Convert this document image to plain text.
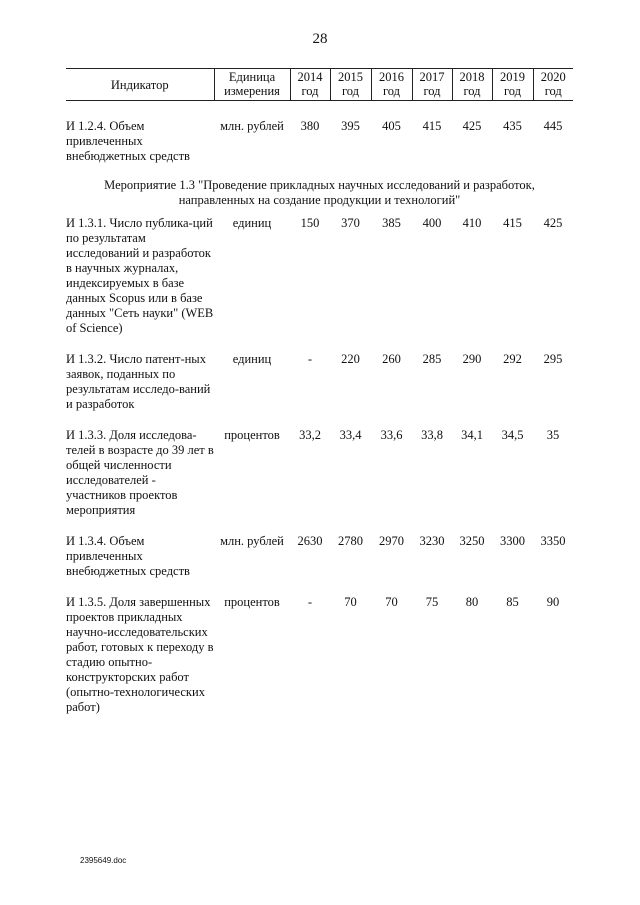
28
Индикатор	Единица измерения	2014 год	2015 год	2016 год	2017 год	2018 год	2019 год	2020 год

И 1.2.4. Объем привлеченных внебюджетных средств	млн. рублей	380	395	405	415	425	435	445

Мероприятие 1.3 "Проведение прикладных научных исследований и разработок, направленных на создание продукции и технологий"								

И 1.3.1. Число публика-ций по результатам исследований и разработок в научных журналах, индексируемых в базе данных Scopus или в базе данных "Сеть науки" (WEB of Science)	единиц	150	370	385	400	410	415	425

И 1.3.2. Число патент-ных заявок, поданных по результатам исследо-ваний и разработок	единиц	-	220	260	285	290	292	295

И 1.3.3. Доля исследова-телей в возрасте до 39 лет в общей численности исследователей - участников проектов мероприятия	процентов	33,2	33,4	33,6	33,8	34,1	34,5	35

И 1.3.4. Объем привлеченных внебюджетных средств	млн. рублей	2630	2780	2970	3230	3250	3300	3350

И 1.3.5. Доля завершенных проектов прикладных научно-исследовательских работ, готовых к переходу в стадию опытно-конструкторских работ (опытно-технологических работ)	процентов	-	70	70	75	80	85	90
2395649.doc
